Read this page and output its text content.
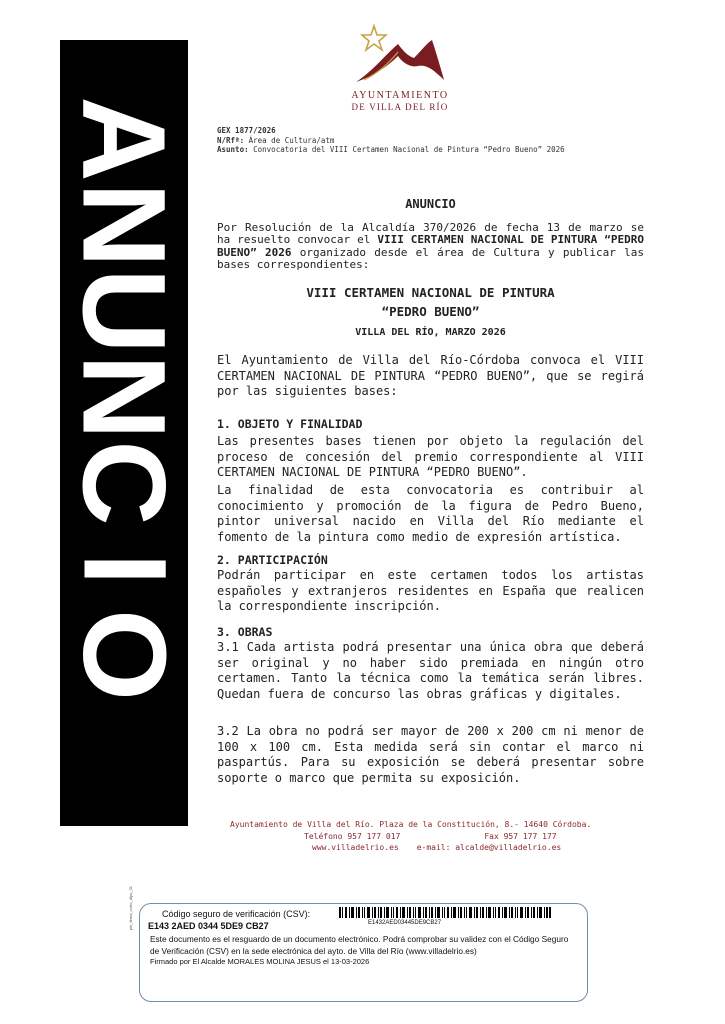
A
N
U
N
C
I
O
AYUNTAMIENTO
DE VILLA DEL RÍO
GEX 1877/2026
N/Rfª: Área de Cultura/atm
Asunto: Convocatoria del VIII Certamen Nacional de Pintura “Pedro Bueno” 2026
ANUNCIO
Por Resolución de la Alcaldía 370/2026 de fecha 13 de marzo se ha resuelto convocar el VIII CERTAMEN NACIONAL DE PINTURA “PEDRO BUENO” 2026 organizado desde el área de Cultura y publicar las bases correspondientes:
VIII CERTAMEN NACIONAL DE PINTURA
“PEDRO BUENO”
VILLA DEL RÍO, MARZO 2026
El Ayuntamiento de Villa del Río-Córdoba convoca el VIII CERTAMEN NACIONAL DE PINTURA “PEDRO BUENO”, que se regirá por las siguientes bases:
1. OBJETO Y FINALIDAD
Las presentes bases tienen por objeto la regulación del proceso de concesión del premio correspondiente al VIII CERTAMEN NACIONAL DE PINTURA “PEDRO BUENO”.
La finalidad de esta convocatoria es contribuir al conocimiento y promoción de la figura de Pedro Bueno, pintor universal nacido en Villa del Río mediante el fomento de la pintura como medio de expresión artística.
2. PARTICIPACIÓN
Podrán participar en este certamen todos los artistas españoles y extranjeros residentes en España que realicen la correspondiente inscripción.
3. OBRAS
3.1 Cada artista podrá presentar una única obra que deberá ser original y no haber sido premiada en ningún otro certamen. Tanto la técnica como la temática serán libres. Quedan fuera de concurso las obras gráficas y digitales.
3.2 La obra no podrá ser mayor de 200 x 200 cm ni menor de 100 x 100 cm. Esta medida será sin contar el marco ni paspartús. Para su exposición se deberá presentar sobre soporte o marco que permita su exposición.
Ayuntamiento de Villa del Río. Plaza de la Constitución, 8.- 14640 Córdoba.
Teléfono 957 177 017	Fax 957 177 177
www.villadelrio.es e-mail: alcalde@villadelrio.es
pie_firma_corto_dipu_01	Código seguro de verificación (CSV):
E143 2AED 0344 5DE9 CB27	E1432AED03445DE9CB27
Este documento es el resguardo de un documento electrónico. Podrá comprobar su validez con el Código Seguro de Verificación (CSV) en la sede electrónica del ayto. de Villa del Río (www.villadelrio.es)
Firmado por El Alcalde MORALES MOLINA JESUS el 13-03-2026
